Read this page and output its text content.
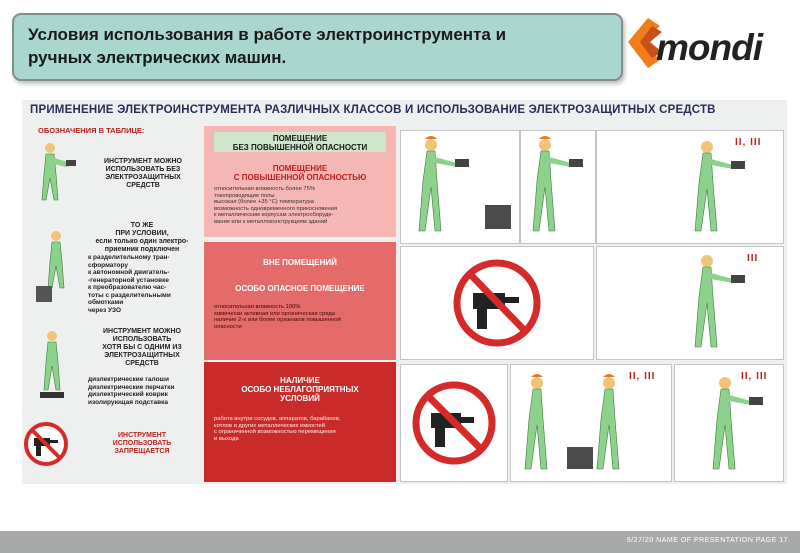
Условия использования в работе электроинструмента и
ручных электрических машин.	mondi
ПРИМЕНЕНИЕ ЭЛЕКТРОИНСТРУМЕНТА РАЗЛИЧНЫХ КЛАССОВ И ИСПОЛЬЗОВАНИЕ ЭЛЕКТРОЗАЩИТНЫХ СРЕДСТВ
ОБОЗНАЧЕНИЯ В ТАБЛИЦЕ:
ИНСТРУМЕНТ МОЖНО
ИСПОЛЬЗОВАТЬ БЕЗ
ЭЛЕКТРОЗАЩИТНЫХ
СРЕДСТВ
ТО ЖЕ
ПРИ УСЛОВИИ,
если только один электро-
приемник подключен
к разделительному тран-
сформатору
к автономной двигатель-
-генераторной установке
к преобразователю час-
тоты с разделительными
обмотками
через УЗО
ИНСТРУМЕНТ МОЖНО
ИСПОЛЬЗОВАТЬ
ХОТЯ БЫ С ОДНИМ ИЗ
ЭЛЕКТРОЗАЩИТНЫХ
СРЕДСТВ
диэлектрические галоши
диэлектрические перчатки
диэлектрический коврик
изолирующая подставка
ИНСТРУМЕНТ
ИСПОЛЬЗОВАТЬ
ЗАПРЕЩАЕТСЯ
ПОМЕЩЕНИЕ
БЕЗ ПОВЫШЕННОЙ ОПАСНОСТИ
ПОМЕЩЕНИЕ
С ПОВЫШЕННОЙ ОПАСНОСТЬЮ
относительная влажность более 75%
токопроводящие полы
высокая (более +35 °С) температура
возможность одновременного прикосновения
к металлическим корпусам электрооборуде-
вания или к металлоконструкциям зданий
ВНЕ ПОМЕЩЕНИЙ
ОСОБО ОПАСНОЕ ПОМЕЩЕНИЕ
относительная влажность 100%
химически активная или органическая среда
наличие 2-х или более признаков повышенной
опасности
НАЛИЧИЕ
ОСОБО НЕБЛАГОПРИЯТНЫХ
УСЛОВИЙ
работа внутри сосудов, аппаратов, барабанов,
котлов и других металлических емкостей
с ограниченной возможностью перемещения
и выхода
II, III
III
II, III	II, III
9/27/20 NAME OF PRESENTATION PAGE 17
